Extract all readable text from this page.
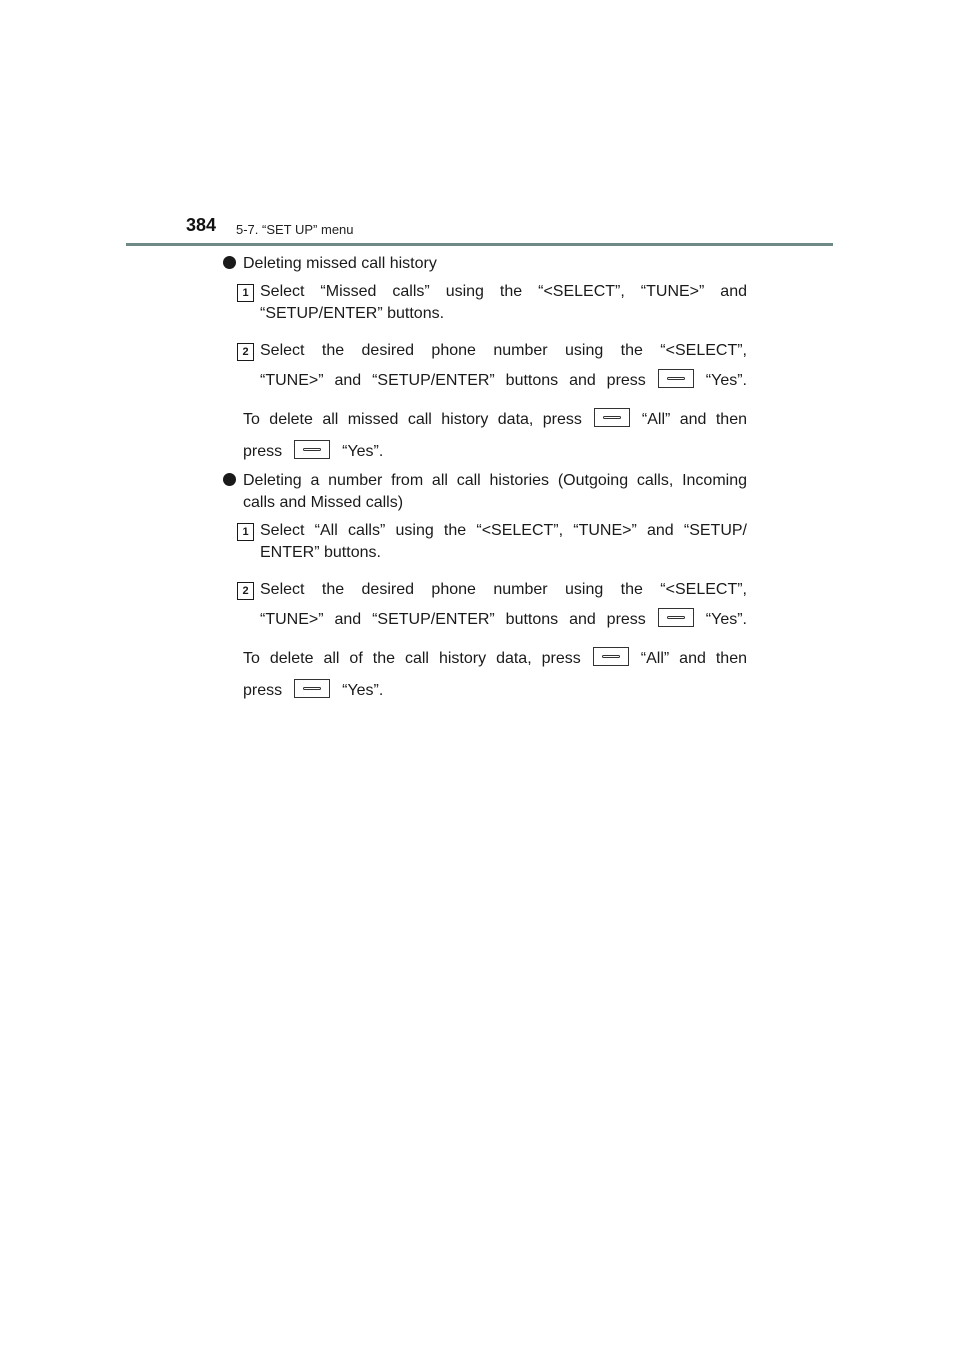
384 5-7. “SET UP” menu
Deleting missed call history
1 Select “Missed calls” using the “<SELECT”, “TUNE>” and
“SETUP/ENTER” buttons.
2 Select the desired phone number using the “<SELECT”,
“TUNE>” and “SETUP/ENTER” buttons and press	“Yes”.
To delete all missed call history data, press	“All” and then
press	“Yes”.
Deleting a number from all call histories (Outgoing calls, Incoming
calls and Missed calls)
1 Select “All calls” using the “<SELECT”, “TUNE>” and “SETUP/
ENTER” buttons.
2 Select the desired phone number using the “<SELECT”,
“TUNE>” and “SETUP/ENTER” buttons and press	“Yes”.
To delete all of the call history data, press	“All” and then
press	“Yes”.
